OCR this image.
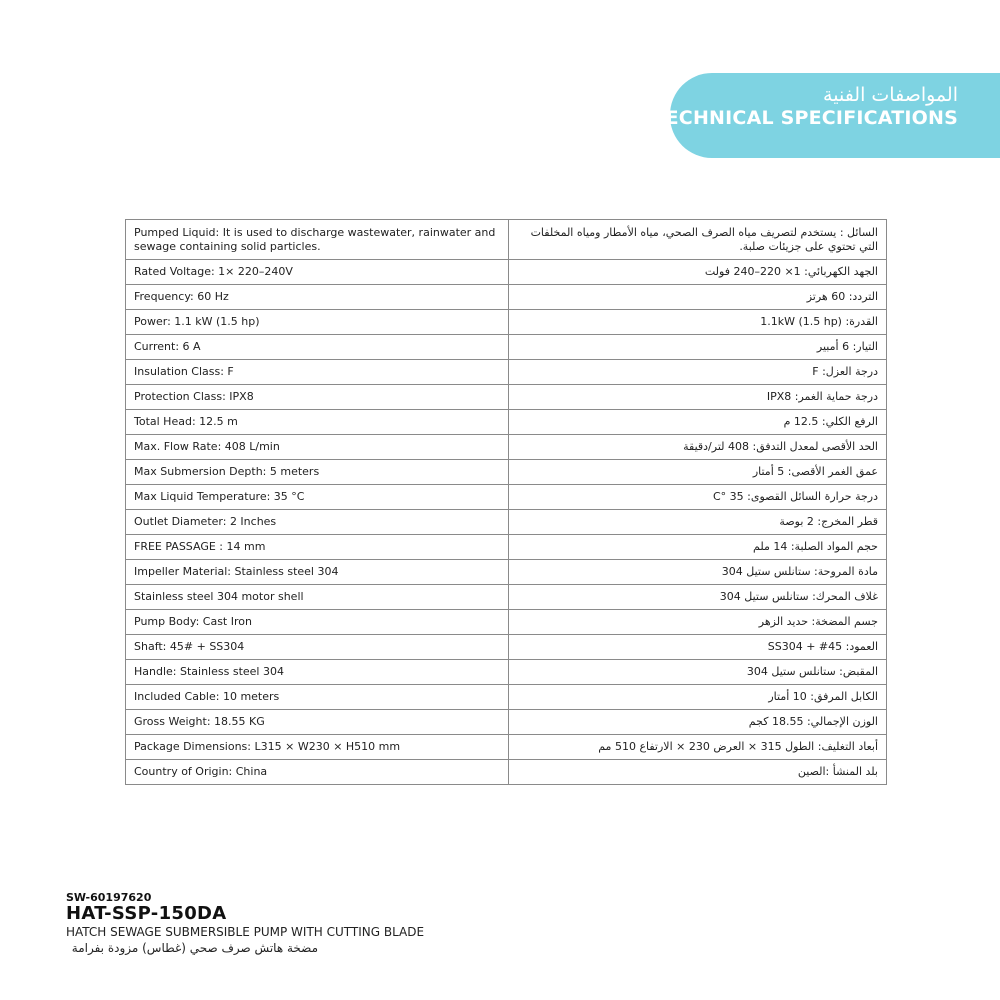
المواصفات الفنية
TECHNICAL SPECIFICATIONS
Pumped Liquid: It is used to discharge wastewater, rainwater and sewage containing solid particles.	السائل : يستخدم لتصريف مياه الصرف الصحي، مياه الأمطار ومياه المخلفات التي تحتوي على جزيئات صلبة.
Rated Voltage: 1× 220–240V	الجهد الكهربائي: 1× 220–240 فولت
Frequency: 60 Hz	التردد: 60 هرتز
Power: 1.1 kW (1.5 hp)	القدرة: 1.1kW (1.5 hp)
Current: 6 A	التيار: 6 أمبير
Insulation Class: F	درجة العزل: F
Protection Class: IPX8	درجة حماية الغمر: IPX8
Total Head: 12.5 m	الرفع الكلي: 12.5 م
Max. Flow Rate: 408 L/min	الحد الأقصى لمعدل التدفق: 408 لتر/دقيقة
Max Submersion Depth: 5 meters	عمق الغمر الأقصى: 5 أمتار
Max Liquid Temperature: 35 °C	درجة حرارة السائل القصوى: 35 °C
Outlet Diameter: 2 Inches	قطر المخرج: 2 بوصة
FREE PASSAGE : 14 mm	حجم المواد الصلبة: 14 ملم
Impeller Material: Stainless steel 304	مادة المروحة: ستانلس ستيل 304
Stainless steel 304 motor shell	غلاف المحرك: ستانلس ستيل 304
Pump Body: Cast Iron	جسم المضخة: حديد الزهر
Shaft: 45# + SS304	العمود: 45# + SS304
Handle: Stainless steel 304	المقبض: ستانلس ستيل 304
Included Cable: 10 meters	الكابل المرفق: 10 أمتار
Gross Weight: 18.55 KG	الوزن الإجمالي: 18.55 كجم
Package Dimensions: L315 × W230 × H510 mm	أبعاد التغليف: الطول 315 × العرض 230 × الارتفاع 510 مم
Country of Origin: China	بلد المنشأ :الصين
SW-60197620
HAT-SSP-150DA
HATCH SEWAGE SUBMERSIBLE PUMP WITH CUTTING BLADE
مضخة هاتش صرف صحي (غطاس) مزودة بفرامة
